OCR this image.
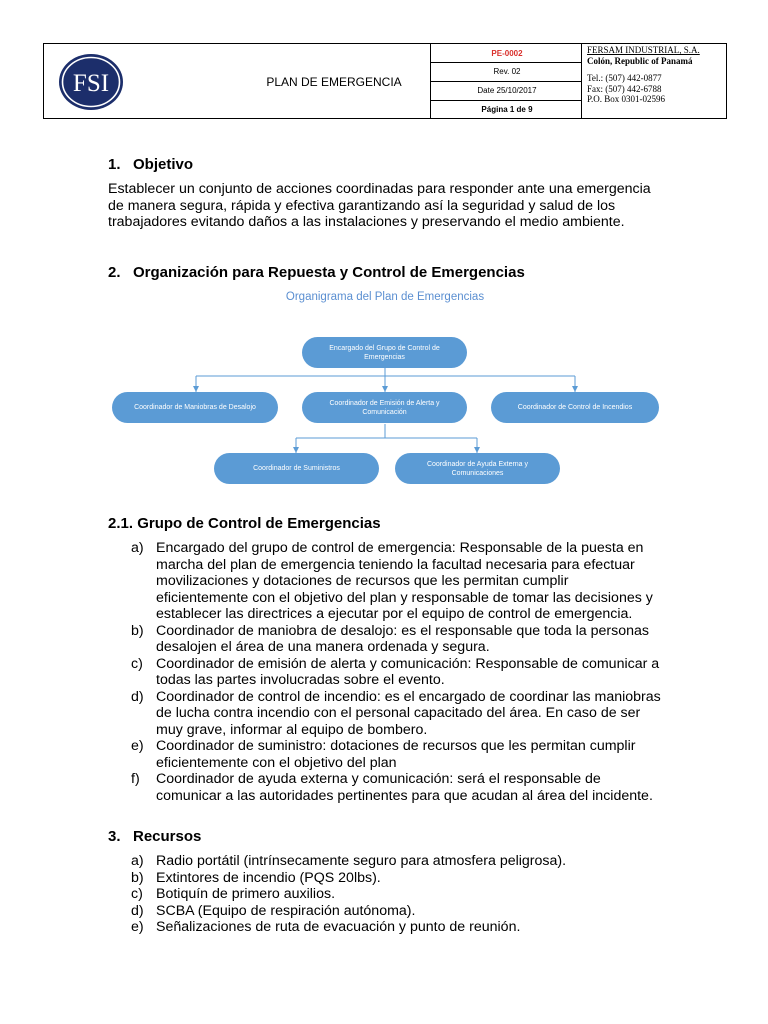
FSI	PLAN DE EMERGENCIA
PE-0002
Rev. 02
Date 25/10/2017
Página 1 de 9
FERSAM INDUSTRIAL, S.A.
Colón, Republic of Panamá
Tel.: (507) 442-0877
Fax: (507) 442-6788
P.O. Box 0301-02596
1. Objetivo
Establecer un conjunto de acciones coordinadas para responder ante una emergencia de manera segura, rápida y efectiva garantizando así la seguridad y salud de los trabajadores evitando daños a las instalaciones y preservando el medio ambiente.
2. Organización para Repuesta y Control de Emergencias
Organigrama del Plan de Emergencias
Encargado del Grupo de Control de Emergencias
Coordinador de Maniobras de Desalojo
Coordinador de Emisión de Alerta y Comunicación
Coordinador de Control de Incendios
Coordinador de Suministros
Coordinador de Ayuda Externa y Comunicaciones
2.1. Grupo de Control de Emergencias
a) Encargado del grupo de control de emergencia: Responsable de la puesta en marcha del plan de emergencia teniendo la facultad necesaria para efectuar movilizaciones y dotaciones de recursos que les permitan cumplir eficientemente con el objetivo del plan y responsable de tomar las decisiones y establecer las directrices a ejecutar por el equipo de control de emergencia.
b) Coordinador de maniobra de desalojo: es el responsable que toda la personas desalojen el área de una manera ordenada y segura.
c) Coordinador de emisión de alerta y comunicación: Responsable de comunicar a todas las partes involucradas sobre el evento.
d) Coordinador de control de incendio: es el encargado de coordinar las maniobras de lucha contra incendio con el personal capacitado del área. En caso de ser muy grave, informar al equipo de bombero.
e) Coordinador de suministro: dotaciones de recursos que les permitan cumplir eficientemente con el objetivo del plan
f) Coordinador de ayuda externa y comunicación: será el responsable de comunicar a las autoridades pertinentes para que acudan al área del incidente.
3. Recursos
a) Radio portátil (intrínsecamente seguro para atmosfera peligrosa).
b) Extintores de incendio (PQS 20lbs).
c) Botiquín de primero auxilios.
d) SCBA (Equipo de respiración autónoma).
e) Señalizaciones de ruta de evacuación y punto de reunión.
